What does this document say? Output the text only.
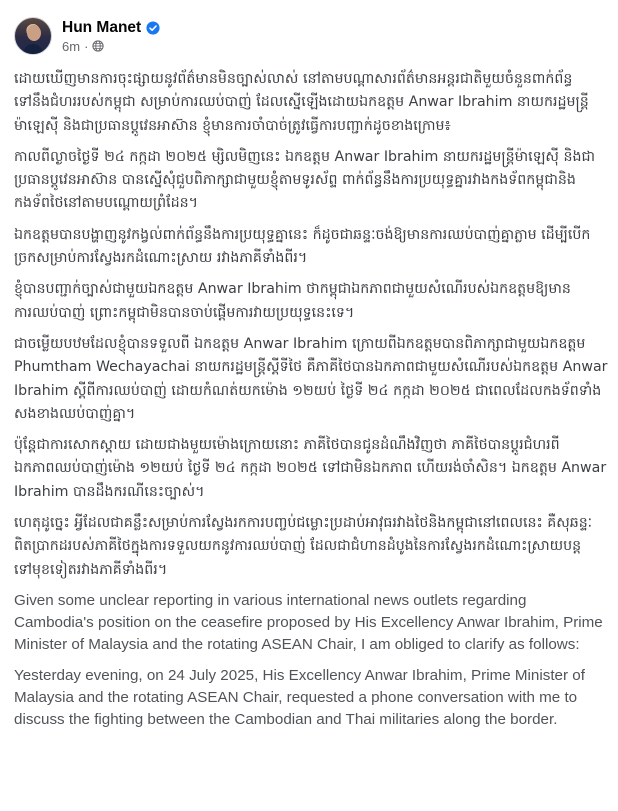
Hun Manet
6m ·

ដោយឃើញមានការចុះផ្សាយនូវព័ត៌មានមិនច្បាស់លាស់ នៅតាមបណ្ដាសារព័ត៌មានអន្តរជាតិមួយចំនួនពាក់ព័ន្ធទៅនឹងជំហររបស់កម្ពុជា សម្រាប់ការឈប់បាញ់ ដែលស្នើឡើងដោយឯកឧត្តម Anwar Ibrahim នាយករដ្ឋមន្ត្រីម៉ាឡេស៊ី និងជាប្រធានប្ដូវេនអាស៊ាន ខ្ញុំមានការចាំបាច់ត្រូវធ្វើការបញ្ជាក់ដូចខាងក្រោម៖

កាលពីល្ងាចថ្ងៃទី ២៤ កក្កដា ២០២៥ ម្សិលមិញនេះ ឯកឧត្តម Anwar Ibrahim នាយករដ្ឋមន្ត្រីម៉ាឡេស៊ី និងជាប្រធានប្ដូវេនអាស៊ាន បានស្នើសុំជួបពិភាក្សាជាមួយខ្ញុំតាមទូរស័ព្ទ ពាក់ព័ន្ធនឹងការប្រយុទ្ធគ្នារវាងកងទ័ពកម្ពុជានិងកងទ័ពថៃនៅតាមបណ្ដោយព្រំដែន។

ឯកឧត្តមបានបង្ហាញនូវកង្វល់ពាក់ព័ន្ធនឹងការប្រយុទ្ធគ្នានេះ ក៏ដូចជាឆន្ទៈចង់ឱ្យមានការឈប់បាញ់គ្នាភ្លាម ដើម្បីបើកច្រកសម្រាប់ការស្វែងរកដំណោះស្រាយ រវាងភាគីទាំងពីរ។

ខ្ញុំបានបញ្ជាក់ច្បាស់ជាមួយឯកឧត្តម Anwar Ibrahim ថាកម្ពុជាឯកភាពជាមួយសំណើរបស់ឯកឧត្តមឱ្យមានការឈប់បាញ់ ព្រោះកម្ពុជាមិនបានចាប់ផ្តើមការវាយប្រយុទ្ធនេះទេ។

ជាចម្លើយបឋមដែលខ្ញុំបានទទួលពី ឯកឧត្តម Anwar Ibrahim ក្រោយពីឯកឧត្តមបានពិភាក្សាជាមួយឯកឧត្តម Phumtham Wechayachai នាយករដ្ឋមន្ត្រីស្ដីទីថៃ គឺភាគីថៃបានឯកភាពជាមួយសំណើរបស់ឯកឧត្តម Anwar Ibrahim ស្ដីពីការឈប់បាញ់ ដោយកំណត់យកម៉ោង ១២យប់ ថ្ងៃទី ២៤ កក្កដា ២០២៥ ជាពេលដែលកងទ័ពទាំងសងខាងឈប់បាញ់គ្នា។

ប៉ុន្តែជាការសោកស្ដាយ ដោយជាងមួយម៉ោងក្រោយនោះ ភាគីថៃបានជូនដំណឹងវិញថា ភាគីថៃបានប្ដូរជំហរពីឯកភាពឈប់បាញ់ម៉ោង ១២យប់ ថ្ងៃទី ២៤ កក្កដា ២០២៥ ទៅជាមិនឯកភាព ហើយរង់ចាំសិន។ ឯកឧត្តម Anwar Ibrahim បានដឹងករណីនេះច្បាស់។

ហេតុដូច្នេះ អ្វីដែលជាគន្លឹះសម្រាប់ការស្វែងរកការបញ្ចប់ជម្លោះប្រដាប់អាវុធរវាងថៃនិងកម្ពុជានៅពេលនេះ គឺសុឆន្ទៈពិតប្រាកដរបស់ភាគីថៃក្នុងការទទួលយកនូវការឈប់បាញ់ ដែលជាជំហានដំបូងនៃការស្វែងរកដំណោះស្រាយបន្តទៅមុខទៀតរវាងភាគីទាំងពីរ។

Given some unclear reporting in various international news outlets regarding Cambodia's position on the ceasefire proposed by His Excellency Anwar Ibrahim, Prime Minister of Malaysia and the rotating ASEAN Chair, I am obliged to clarify as follows:

Yesterday evening, on 24 July 2025, His Excellency Anwar Ibrahim, Prime Minister of Malaysia and the rotating ASEAN Chair, requested a phone conversation with me to discuss the fighting between the Cambodian and Thai militaries along the border.
